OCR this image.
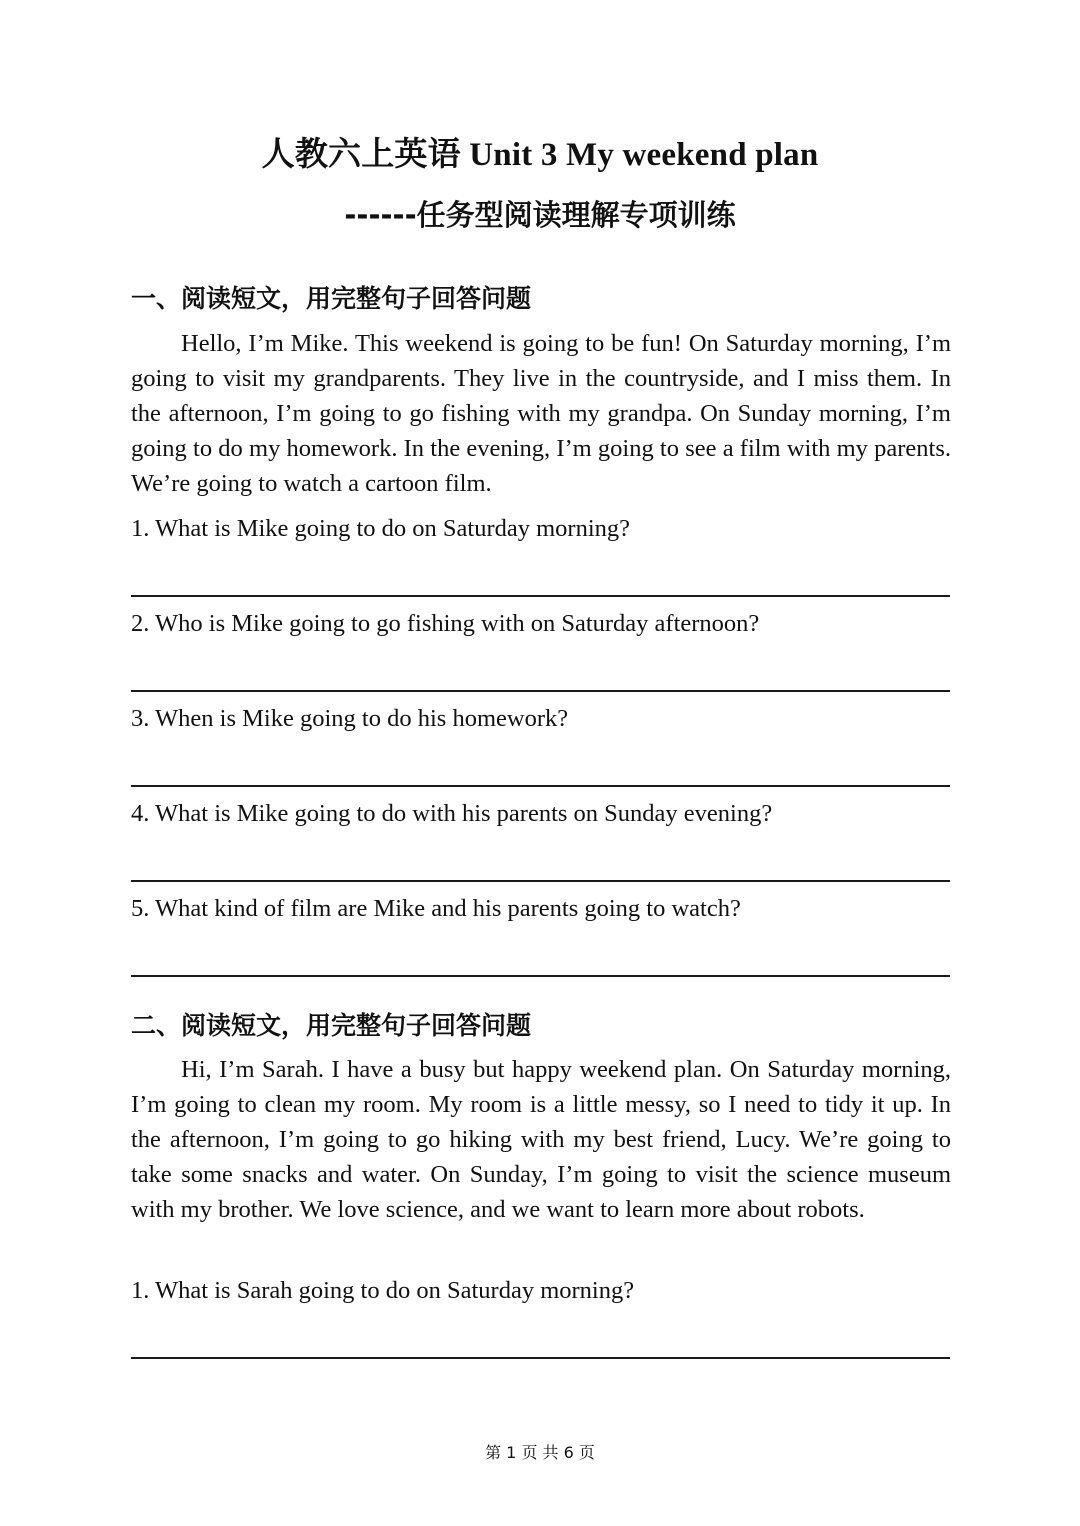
人教六上英语 Unit 3 My weekend plan
------任务型阅读理解专项训练
一、阅读短文，用完整句子回答问题
Hello, I’m Mike. This weekend is going to be fun! On Saturday morning, I’m going to visit my grandparents. They live in the countryside, and I miss them. In the afternoon, I’m going to go fishing with my grandpa. On Sunday morning, I’m going to do my homework. In the evening, I’m going to see a film with my parents. We’re going to watch a cartoon film.
1. What is Mike going to do on Saturday morning?
2. Who is Mike going to go fishing with on Saturday afternoon?
3. When is Mike going to do his homework?
4. What is Mike going to do with his parents on Sunday evening?
5. What kind of film are Mike and his parents going to watch?
二、阅读短文，用完整句子回答问题
Hi, I’m Sarah. I have a busy but happy weekend plan. On Saturday morning, I’m going to clean my room. My room is a little messy, so I need to tidy it up. In the afternoon, I’m going to go hiking with my best friend, Lucy. We’re going to take some snacks and water. On Sunday, I’m going to visit the science museum with my brother. We love science, and we want to learn more about robots.
1. What is Sarah going to do on Saturday morning?
第 1 页 共 6 页
